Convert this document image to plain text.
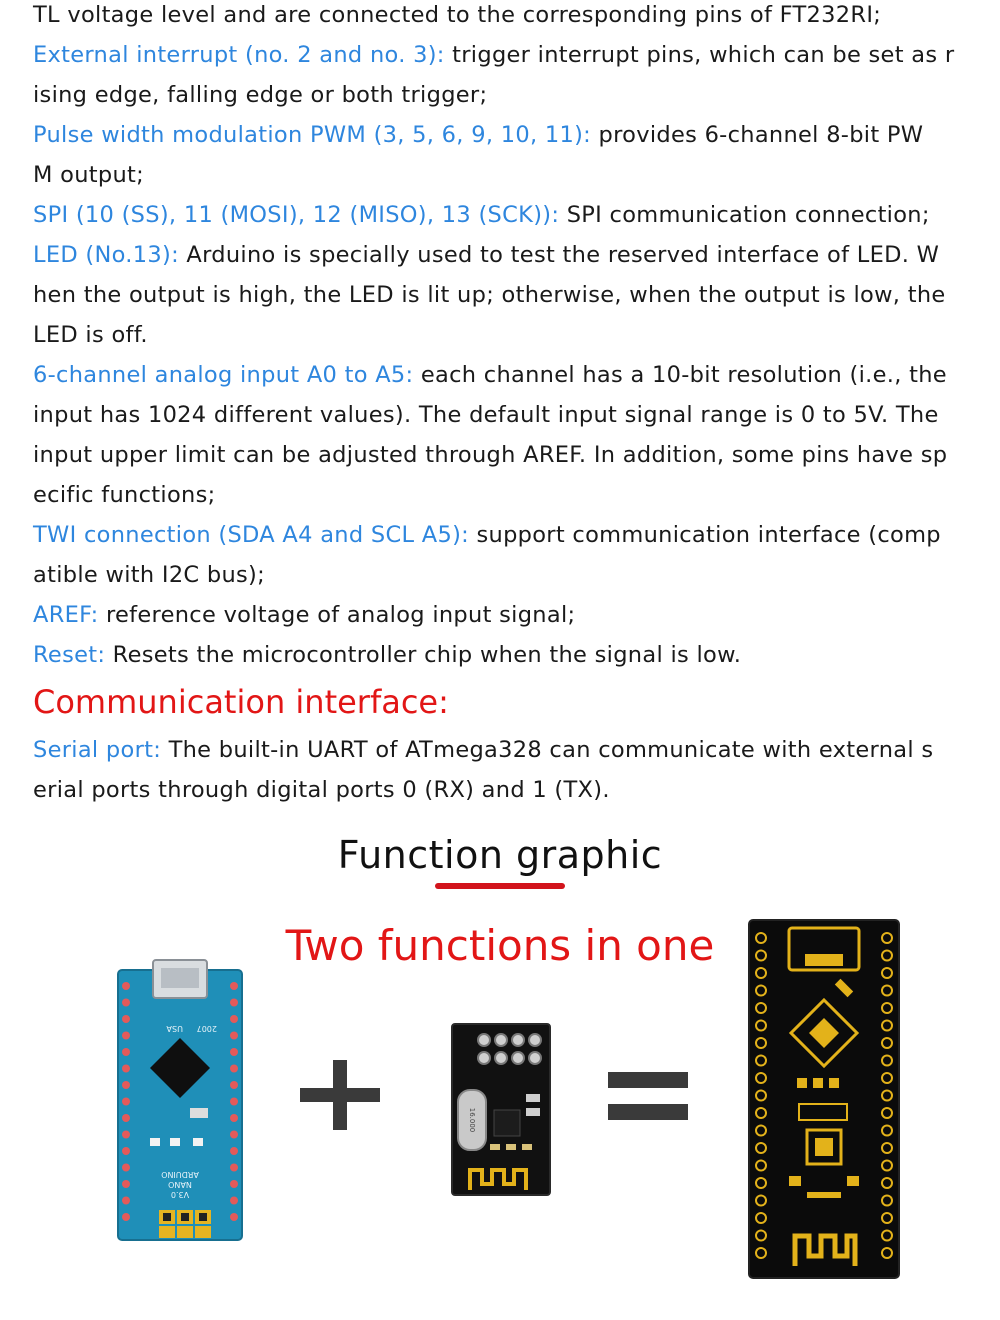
TL voltage level and are connected to the corresponding pins of FT232RI;
External interrupt (no. 2 and no. 3): trigger interrupt pins, which can be set as r
ising edge, falling edge or both trigger;
Pulse width modulation PWM (3, 5, 6, 9, 10, 11): provides 6-channel 8-bit PW
M output;
SPI (10 (SS), 11 (MOSI), 12 (MISO), 13 (SCK)): SPI communication connection;
LED (No.13): Arduino is specially used to test the reserved interface of LED. W
hen the output is high, the LED is lit up; otherwise, when the output is low, the
LED is off.
6-channel analog input A0 to A5: each channel has a 10-bit resolution (i.e., the
input has 1024 different values). The default input signal range is 0 to 5V. The
input upper limit can be adjusted through AREF. In addition, some pins have sp
ecific functions;
TWI connection (SDA A4 and SCL A5): support communication interface (comp
atible with I2C bus);
AREF: reference voltage of analog input signal;
Reset: Resets the microcontroller chip when the signal is low.
Communication interface:
Serial port: The built-in UART of ATmega328 can communicate with external s
erial ports through digital ports 0 (RX) and 1 (TX).
Function graphic
Two functions in one
USA 2007
ARDUINO
NANO
V3.0
16.000
